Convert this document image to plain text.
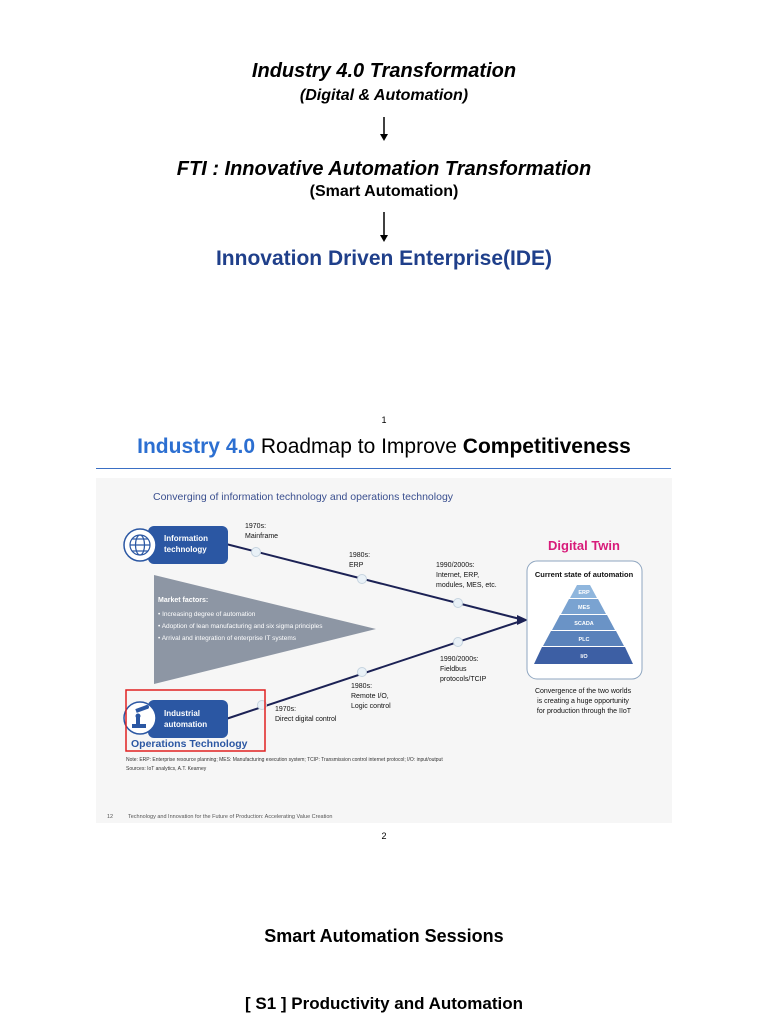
Industry 4.0 Transformation
(Digital & Automation)
FTI : Innovative Automation Transformation
(Smart Automation)
Innovation Driven Enterprise(IDE)
1
Industry 4.0 Roadmap to Improve Competitiveness
Converging of information technology and operations technology
Market factors:
• Increasing degree of automation
• Adoption of lean manufacturing and six sigma principles
• Arrival and integration of enterprise IT systems
1970s: Mainframe
1980s: ERP	1990/2000s: Internet, ERP, modules, MES, etc.
1970s: Direct digital control
1980s: Remote I/O, Logic control
1990/2000s: Fieldbus protocols/TCIP
Information technology
Industrial automation
Operations Technology
Digital Twin
Current state of automation
ERP
MES
SCADA
PLC
I/O
Convergence of the two worlds is creating a huge opportunity for production through the IIoT
Note: ERP: Enterprise resource planning; MES: Manufacturing execution system; TCIP: Transmission control internet protocol; I/O: input/output
Sources: IoT analytics, A.T. Kearney
12	Technology and Innovation for the Future of Production: Accelerating Value Creation
2
Smart Automation Sessions
[ S1 ] Productivity and Automation
